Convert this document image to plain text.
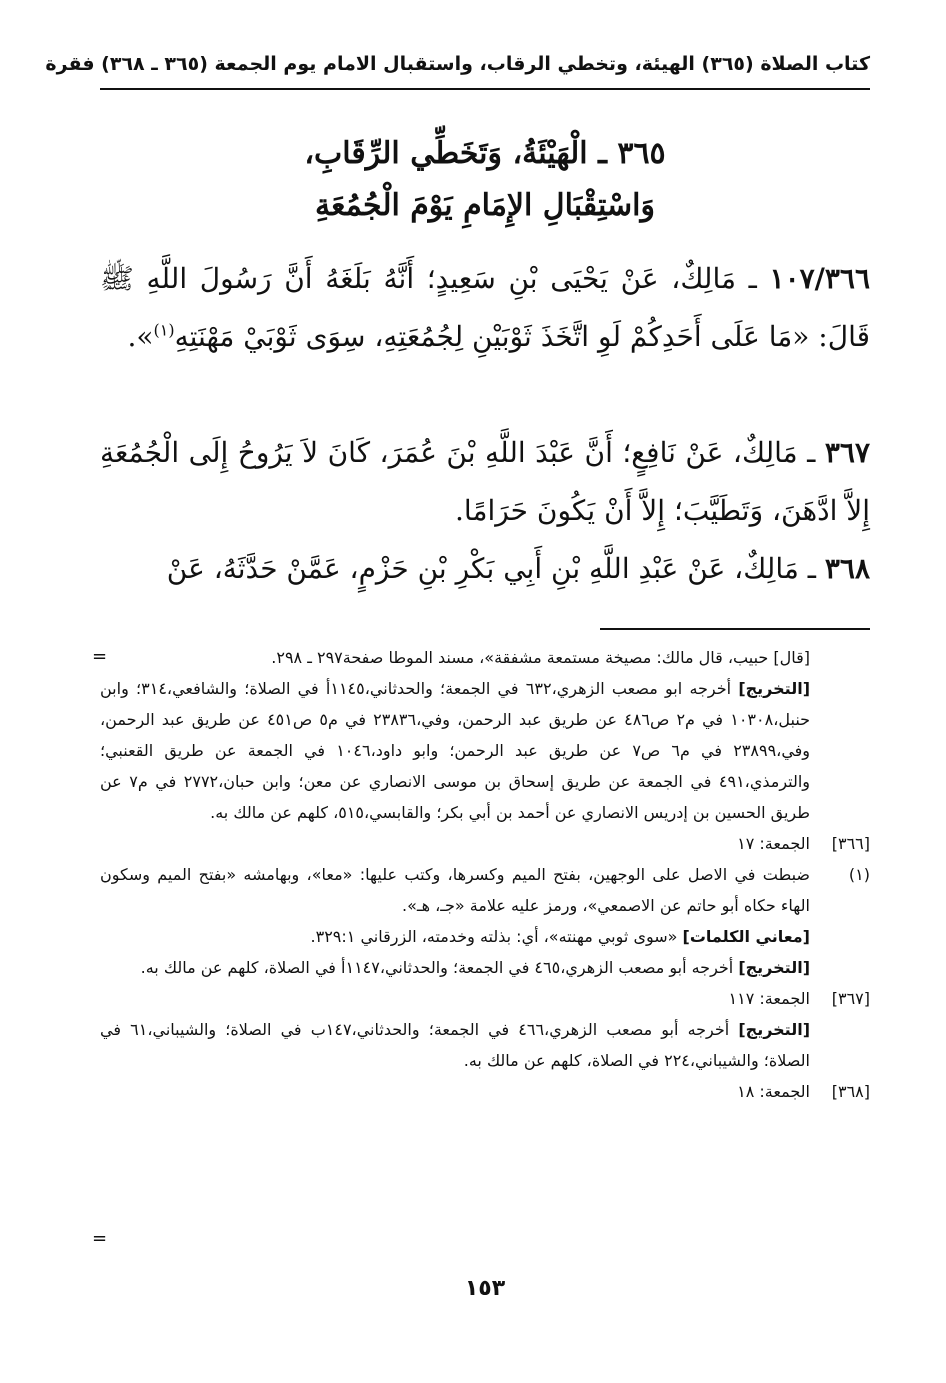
كتاب الصلاة (٣٦٥) الهيئة، وتخطي الرقاب، واستقبال الامام يوم الجمعة (٣٦٥ ـ ٣٦٨) فقرة
٣٦٥ ـ الْهَيْئَةُ، وَتَخَطِّي الرِّقَابِ،
وَاسْتِقْبَالِ الإِمَامِ يَوْمَ الْجُمُعَةِ

١٠٧/٣٦٦ ـ مَالِكٌ، عَنْ يَحْيَى بْنِ سَعِيدٍ؛ أَنَّهُ بَلَغَهُ أَنَّ رَسُولَ اللَّهِ ﷺ قَالَ: «مَا عَلَى أَحَدِكُمْ لَوِ اتَّخَذَ ثَوْبَيْنِ لِجُمُعَتِهِ، سِوَى ثَوْبَيْ مَهْنَتِهِ$^{(١)}$».

٣٦٧ ـ مَالِكٌ، عَنْ نَافِعٍ؛ أَنَّ عَبْدَ اللَّهِ بْنَ عُمَرَ، كَانَ لاَ يَرُوحُ إِلَى الْجُمُعَةِ إِلاَّ ادَّهَنَ، وَتَطَيَّبَ؛ إِلاَّ أَنْ يَكُونَ حَرَامًا.

٣٦٨ ـ مَالِكٌ، عَنْ عَبْدِ اللَّهِ بْنِ أَبِي بَكْرِ بْنِ حَزْمٍ، عَمَّنْ حَدَّثَهُ، عَنْ

=	[قال] حبيب، قال مالك: مصيخة مستمعة مشفقة»، مسند الموطا صفحة٢٩٧ ـ ٢٩٨.

[التخريج] أخرجه ابو مصعب الزهري،٦٣٢ في الجمعة؛ والحدثاني،١١٤٥أ في الصلاة؛ والشافعي،٣١٤؛ وابن حنبل،١٠٣٠٨ في م٢ ص٤٨٦ عن طريق عبد الرحمن، وفي،٢٣٨٣٦ في م٥ ص٤٥١ عن طريق عبد الرحمن، وفي،٢٣٨٩٩ في م٦ ص٧ عن طريق عبد الرحمن؛ وابو داود،١٠٤٦ في الجمعة عن طريق القعنبي؛ والترمذي،٤٩١ في الجمعة عن طريق إسحاق بن موسى الانصاري عن معن؛ وابن حبان،٢٧٧٢ في م٧ عن طريق الحسين بن إدريس الانصاري عن أحمد بن أبي بكر؛ والقابسي،٥١٥، كلهم عن مالك به.

[٣٦٦]

الجمعة: ١٧

(١)

ضبطت في الاصل على الوجهين، بفتح الميم وكسرها، وكتب عليها: «معا»، وبهامشه «بفتح الميم وسكون الهاء حكاه أبو حاتم عن الاصمعي»، ورمز عليه علامة «جـ، هـ».

[معاني الكلمات] «سوى ثوبي مهنته»، أي: بذلته وخدمته، الزرقاني ٣٢٩:١.

[التخريج] أخرجه أبو مصعب الزهري،٤٦٥ في الجمعة؛ والحدثاني،١١٤٧أ في الصلاة، كلهم عن مالك به.

[٣٦٧]

الجمعة: ١١٧

[التخريج] أخرجه أبو مصعب الزهري،٤٦٦ في الجمعة؛ والحدثاني،١٤٧ب في الصلاة؛ والشيباني،٦١ في الصلاة؛ والشيباني،٢٢٤ في الصلاة، كلهم عن مالك به.

[٣٦٨]

الجمعة: ١٨

=
١٥٣
